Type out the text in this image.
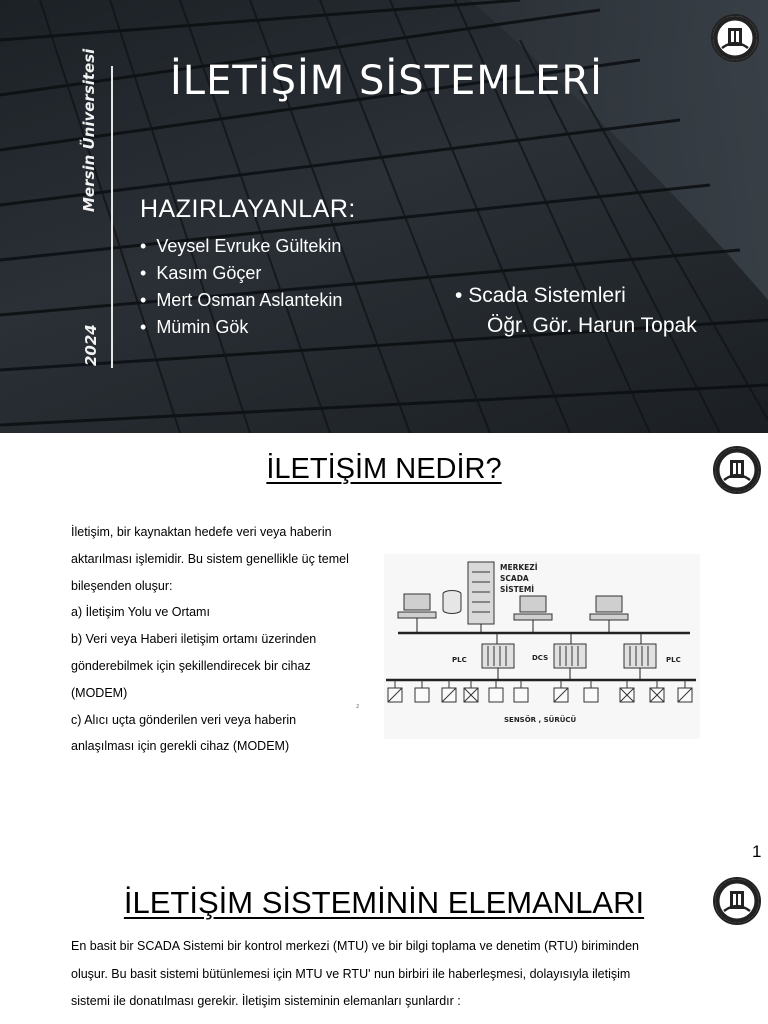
Mersin Üniversitesi
2024
İLETİŞİM SİSTEMLERİ
HAZIRLAYANLAR:
• Veysel Evruke Gültekin
• Kasım Göçer
• Mert Osman Aslantekin
• Mümin Gök
• Scada Sistemleri
Öğr. Gör. Harun Topak
İLETİŞİM NEDİR?
İletişim, bir kaynaktan hedefe veri veya haberin
aktarılması işlemidir. Bu sistem genellikle üç temel
bileşenden oluşur:
a) İletişim Yolu ve Ortamı
b) Veri veya Haberi iletişim ortamı üzerinden
gönderebilmek için şekillendirecek bir cihaz
(MODEM)
c) Alıcı uçta gönderilen veri veya haberin
anlaşılması için gerekli cihaz (MODEM)
2
MERKEZİ
SCADA
SİSTEMİ
PLC	DCS	PLC
SENSÖR , SÜRÜCÜ
1
İLETİŞİM SİSTEMİNİN ELEMANLARI

En basit bir SCADA Sistemi bir kontrol merkezi (MTU) ve bir bilgi toplama ve denetim (RTU) biriminden
oluşur. Bu basit sistemi bütünlemesi için MTU ve RTU' nun birbiri ile haberleşmesi, dolayısıyla iletişim
sistemi ile donatılması gerekir. İletişim sisteminin elemanları şunlardır :
